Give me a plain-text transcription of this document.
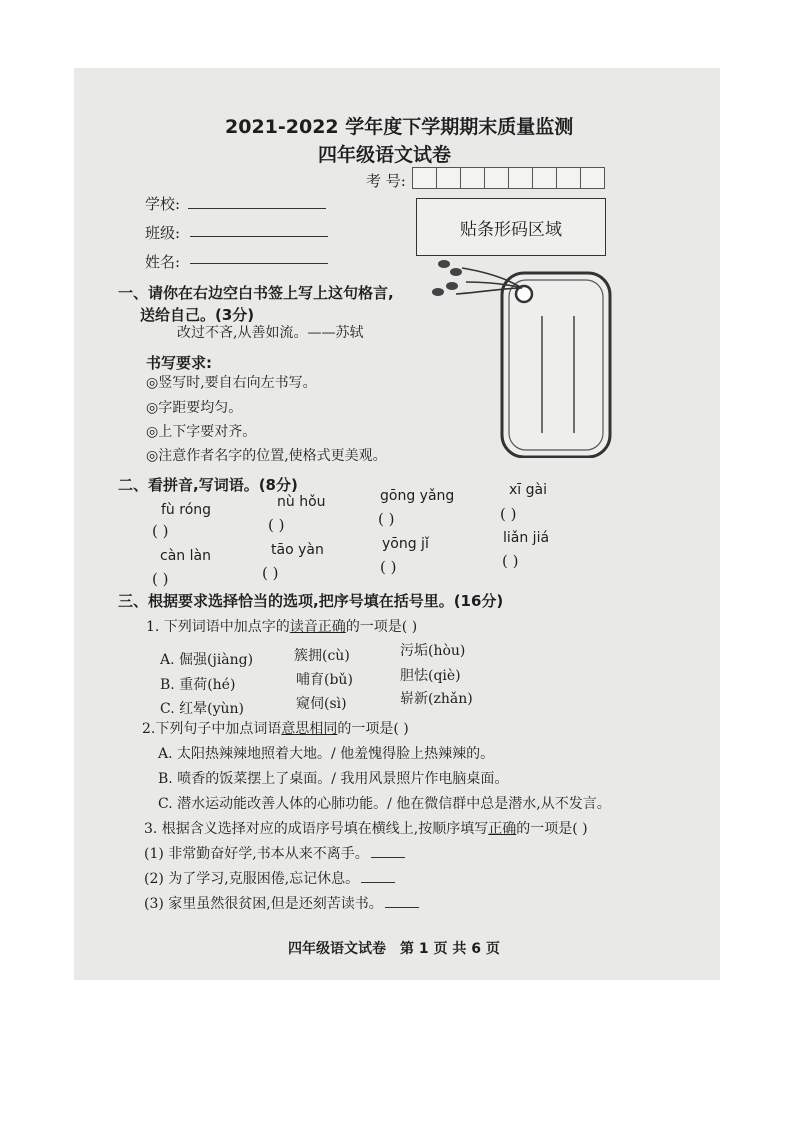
2021-2022 学年度下学期期末质量监测
四年级语文试卷
考 号:
学校:
班级:
姓名:
贴条形码区域
一、请你在右边空白书签上写上这句格言,
送给自己。(3分)
改过不吝,从善如流。——苏轼
书写要求:
◎竖写时,要自右向左书写。
◎字距要均匀。
◎上下字要对齐。
◎注意作者名字的位置,使格式更美观。
二、看拼音,写词语。(8分)
fù róng	nù hǒu	gōng yǎng	xī gài
( )	( )	( )	( )
càn làn	tāo yàn	yōng jǐ	liǎn jiá
( )	( )	( )	( )
三、根据要求选择恰当的选项,把序号填在括号里。(16分)
1. 下列词语中加点字的读音正确的一项是( )
A. 倔强(jiàng)	簇拥(cù)	污垢(hòu)
B. 重荷(hé)	哺育(bǔ)	胆怯(qiè)
C. 红晕(yùn)	窥伺(sì)	崭新(zhǎn)
2.下列句子中加点词语意思相同的一项是( )
A. 太阳热辣辣地照着大地。/ 他羞愧得脸上热辣辣的。
B. 喷香的饭菜摆上了桌面。/ 我用风景照片作电脑桌面。
C. 潜水运动能改善人体的心肺功能。/ 他在微信群中总是潜水,从不发言。
3. 根据含义选择对应的成语序号填在横线上,按顺序填写正确的一项是( )
(1) 非常勤奋好学,书本从来不离手。
(2) 为了学习,克服困倦,忘记休息。
(3) 家里虽然很贫困,但是还刻苦读书。
四年级语文试卷　第 1 页 共 6 页
